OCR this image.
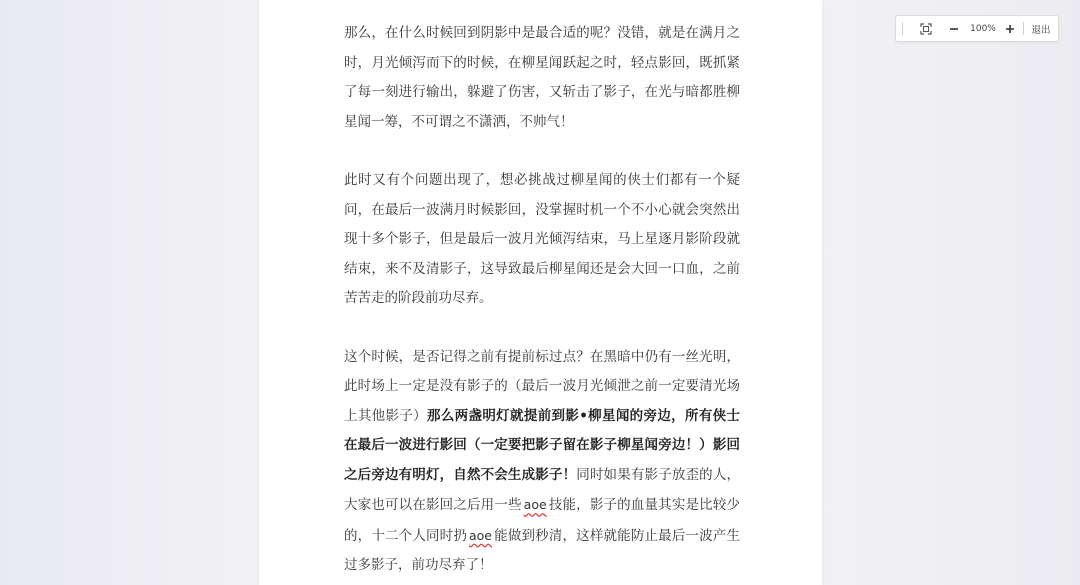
那么，在什么时候回到阴影中是最合适的呢？没错，就是在满月之时，月光倾泻而下的时候，在柳星闻跃起之时，轻点影回，既抓紧了每一刻进行输出，躲避了伤害，又斩击了影子，在光与暗都胜柳星闻一筹，不可谓之不潇洒，不帅气！

此时又有个问题出现了，想必挑战过柳星闻的侠士们都有一个疑问，在最后一波满月时候影回，没掌握时机一个不小心就会突然出现十多个影子，但是最后一波月光倾泻结束，马上星逐月影阶段就结束，来不及清影子，这导致最后柳星闻还是会大回一口血，之前苦苦走的阶段前功尽弃。

这个时候，是否记得之前有提前标过点？在黑暗中仍有一丝光明，此时场上一定是没有影子的（最后一波月光倾泄之前一定要清光场上其他影子）那么两盏明灯就提前到影•柳星闻的旁边，所有侠士在最后一波进行影回（一定要把影子留在影子柳星闻旁边！）影回之后旁边有明灯，自然不会生成影子！同时如果有影子放歪的人，大家也可以在影回之后用一些 aoe 技能，影子的血量其实是比较少的，十二个人同时扔 aoe 能做到秒清，这样就能防止最后一波产生过多影子，前功尽弃了！

100%	退出
